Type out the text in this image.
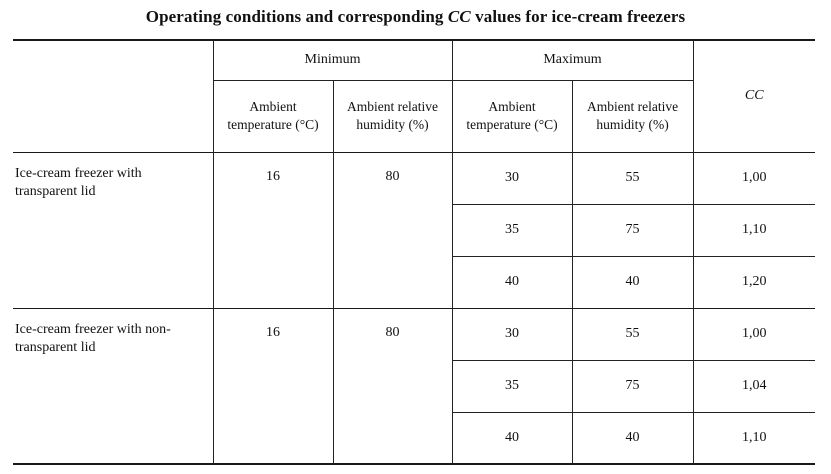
Operating conditions and corresponding CC values for ice-cream freezers
	Minimum		Maximum		CC
	Ambient temperature (°C)	Ambient relative humidity (%)	Ambient temperature (°C)	Ambient relative humidity (%)	
Ice-cream freezer with transparent lid	16	80	30	55	1,00
			35	75	1,10
			40	40	1,20
Ice-cream freezer with non-transparent lid	16	80	30	55	1,00
			35	75	1,04
			40	40	1,10
